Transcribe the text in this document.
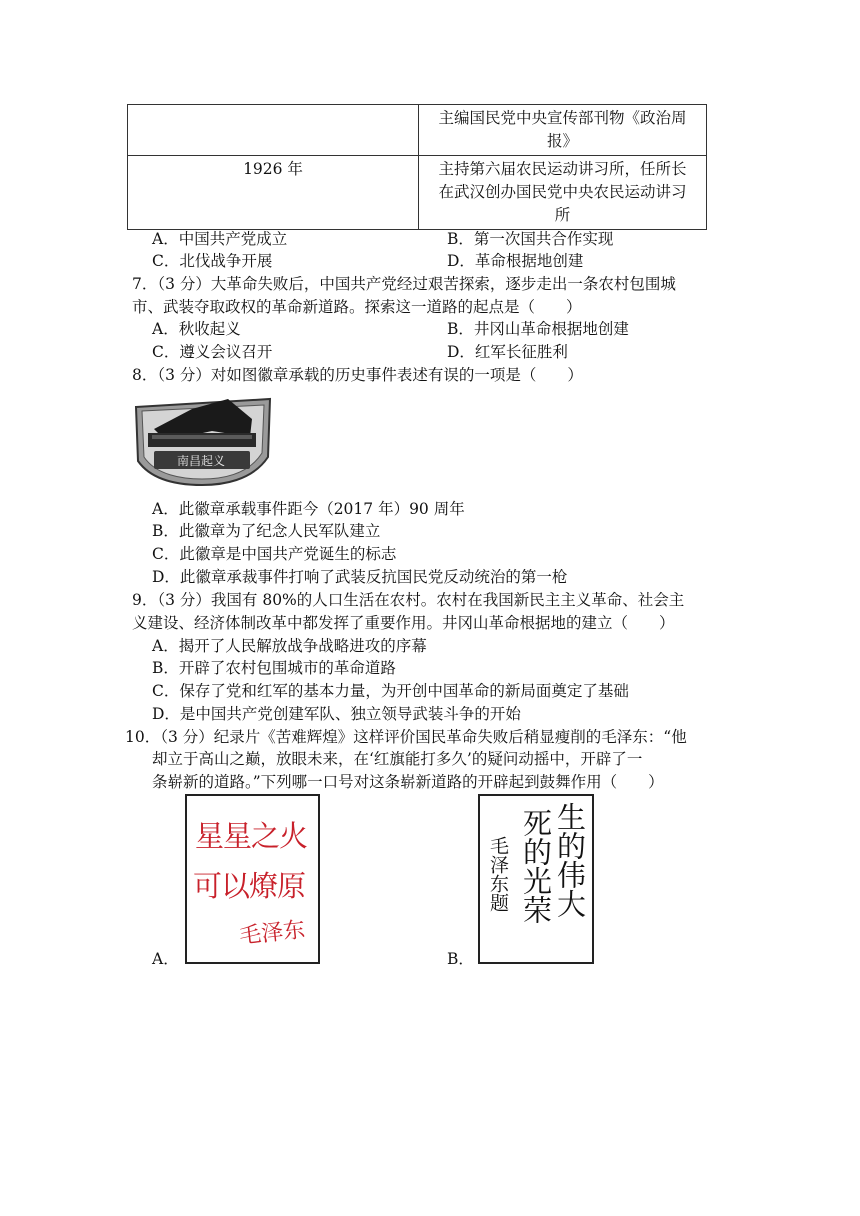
	主编国民党中央宣传部刊物《政治周
报》

1926 年	主持第六届农民运动讲习所，任所长
在武汉创办国民党中央农民运动讲习
所
A．中国共产党成立	B．第一次国共合作实现
C．北伐战争开展	D．革命根据地创建
7．（3 分）大革命失败后，中国共产党经过艰苦探索，逐步走出一条农村包围城
市、武装夺取政权的革命新道路。探索这一道路的起点是（　　）
A．秋收起义	B．井冈山革命根据地创建
C．遵义会议召开	D．红军长征胜利
8．（3 分）对如图徽章承载的历史事件表述有误的一项是（　　）
南昌起义
A．此徽章承载事件距今（2017 年）90 周年
B．此徽章为了纪念人民军队建立
C．此徽章是中国共产党诞生的标志
D．此徽章承裁事件打响了武装反抗国民党反动统治的第一枪
9．（3 分）我国有 80%的人口生活在农村。农村在我国新民主主义革命、社会主
义建设、经济体制改革中都发挥了重要作用。井冈山革命根据地的建立（　　）
A．揭开了人民解放战争战略进攻的序幕
B．开辟了农村包围城市的革命道路
C．保存了党和红军的基本力量，为开创中国革命的新局面奠定了基础
D．是中国共产党创建军队、独立领导武装斗争的开始
10．（3 分）纪录片《苦难辉煌》这样评价国民革命失败后稍显瘦削的毛泽东：“他
却立于高山之巅，放眼未来，在‘红旗能打多久’的疑问动摇中，开辟了一
条崭新的道路。”下列哪一口号对这条崭新道路的开辟起到鼓舞作用（　　）
A．
星星之火
可以燎原
毛泽东
B．
生的伟大
死的光荣
毛泽东题
